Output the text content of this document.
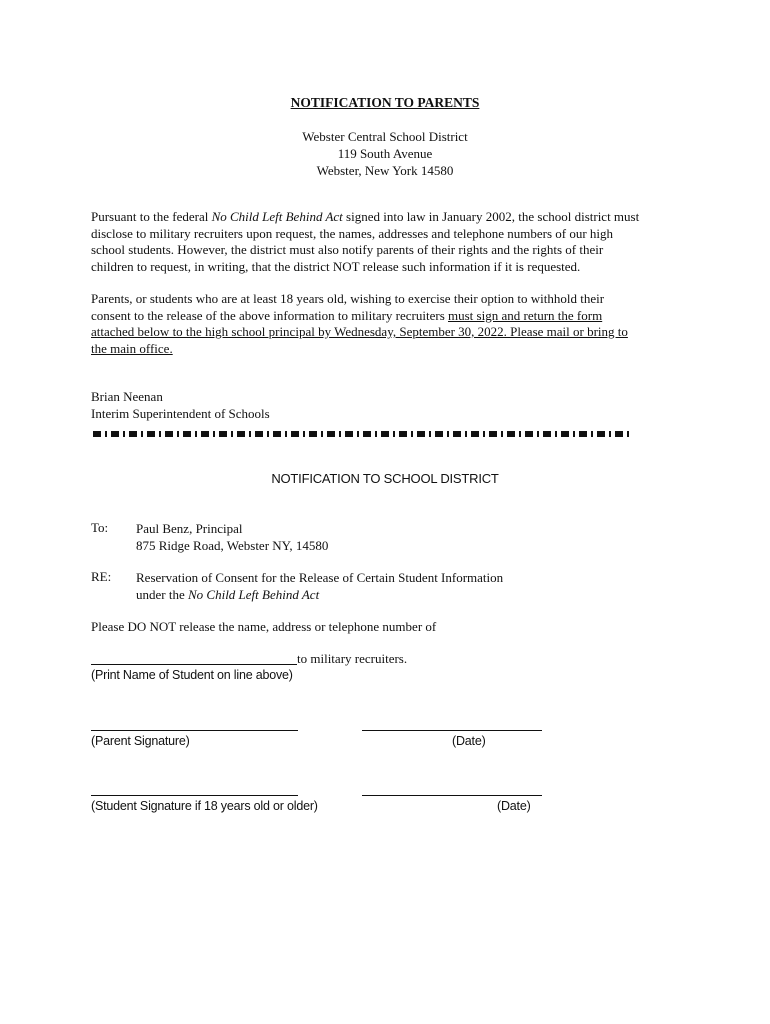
NOTIFICATION TO PARENTS
Webster Central School District
119 South Avenue
Webster, New York 14580
Pursuant to the federal No Child Left Behind Act signed into law in January 2002, the school district must
disclose to military recruiters upon request, the names, addresses and telephone numbers of our high
school students. However, the district must also notify parents of their rights and the rights of their
children to request, in writing, that the district NOT release such information if it is requested.
Parents, or students who are at least 18 years old, wishing to exercise their option to withhold their
consent to the release of the above information to military recruiters must sign and return the form
attached below to the high school principal by Wednesday, September 30, 2022. Please mail or bring to
the main office.
Brian Neenan
Interim Superintendent of Schools
NOTIFICATION TO SCHOOL DISTRICT
To: Paul Benz, Principal
875 Ridge Road, Webster NY, 14580
RE: Reservation of Consent for the Release of Certain Student Information
under the No Child Left Behind Act
Please DO NOT release the name, address or telephone number of
to military recruiters.
(Print Name of Student on line above)
(Parent Signature)	(Date)
(Student Signature if 18 years old or older)	(Date)
